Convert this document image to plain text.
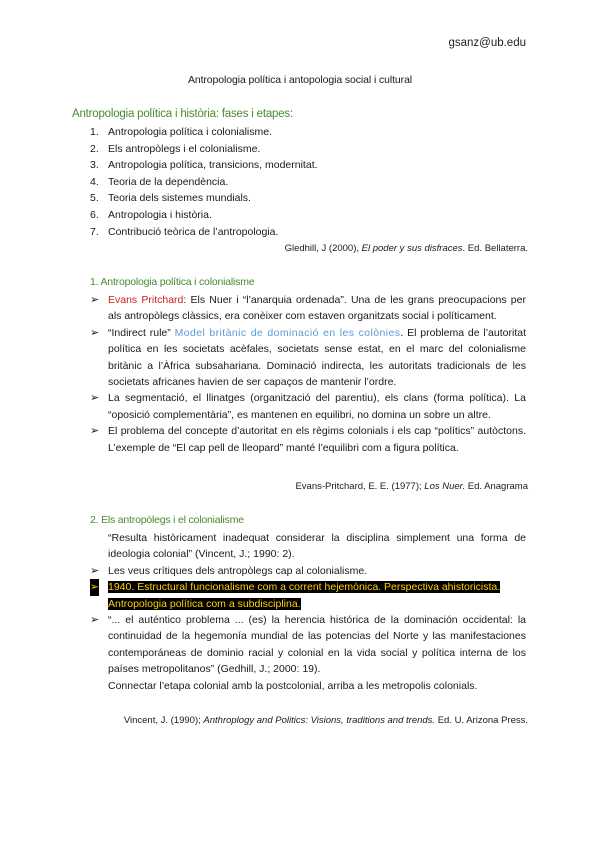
gsanz@ub.edu
Antropologia política i antopologia social i cultural
Antropologia política i història: fases i etapes:
1. Antropologia política i colonialisme.
2. Els antropòlegs i el colonialisme.
3. Antropologia política, transicions, modernitat.
4. Teoria de la dependència.
5. Teoria dels sistemes mundials.
6. Antropologia i història.
7. Contribució teòrica de l’antropologia.
Gledhill, J (2000), El poder y sus disfraces. Ed. Bellaterra.
1. Antropologia política i colonialisme

➢ Evans Pritchard: Els Nuer i “l’anarquia ordenada”. Una de les grans preocupacions per als antropòlegs clàssics, era conèixer com estaven organitzats social i políticament.

➢ “Indirect rule” Model britànic de dominació en les colònies. El problema de l’autoritat política en les societats acèfales, societats sense estat, en el marc del colonialisme britànic a l’Àfrica subsahariana. Dominació indirecta, les autoritats tradicionals de les societats africanes havien de ser capaços de mantenir l’ordre.

➢ La segmentació, el llinatges (organització del parentiu), els clans (forma política). La “oposició complementària”, es mantenen en equilibri, no domina un sobre un altre.

➢ El problema del concepte d’autoritat en els règims colonials i els cap “polítics” autòctons. L’exemple de “El cap pell de lleopard” manté l’equilibri com a figura política.

Evans-Pritchard, E. E. (1977); Los Nuer. Ed. Anagrama
2. Els antropòlegs i el colonialisme

“Resulta històricament inadequat considerar la disciplina simplement una forma de ideologia colonial” (Vincent, J.; 1990: 2).

➢ Les veus crítiques dels antropòlegs cap al colonialisme.

➢ 1940. Estructural funcionalisme com a corrent hejemònica. Perspectiva ahistoricista.
Antropologia política com a subdisciplina.

➢ “... el auténtico problema ... (es) la herencia histórica de la dominación occidental: la continuidad de la hegemonía mundial de las potencias del Norte y las manifestaciones contemporáneas de dominio racial y colonial en la vida social y política interna de los países metropolitanos” (Gedhill, J.; 2000: 19).

Connectar l’etapa colonial amb la postcolonial, arriba a les metropolis colonials.

Vincent, J. (1990); Anthroplogy and Politics: Visions, traditions and trends. Ed. U. Arizona Press.
